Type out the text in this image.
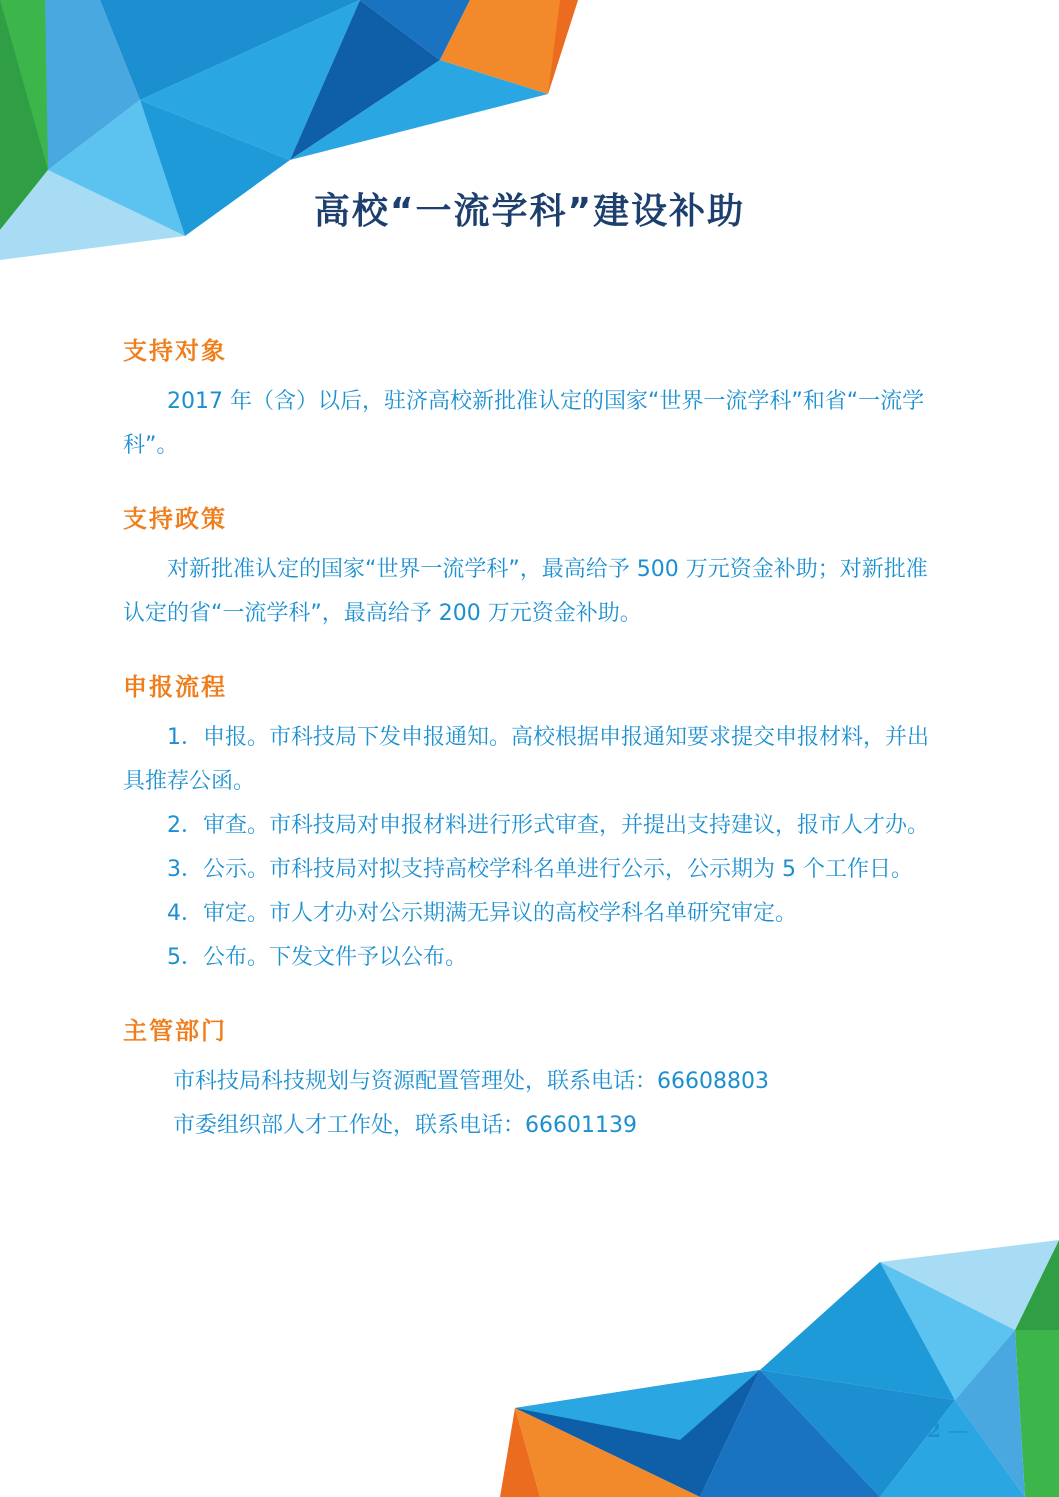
高校“一流学科”建设补助
支持对象

2017 年（含）以后，驻济高校新批准认定的国家“世界一流学科”和省“一流学科”。

支持政策

对新批准认定的国家“世界一流学科”，最高给予 500 万元资金补助；对新批准认定的省“一流学科”，最高给予 200 万元资金补助。

申报流程

1．申报。市科技局下发申报通知。高校根据申报通知要求提交申报材料，并出具推荐公函。

2．审查。市科技局对申报材料进行形式审查，并提出支持建议，报市人才办。

3．公示。市科技局对拟支持高校学科名单进行公示，公示期为 5 个工作日。

4．审定。市人才办对公示期满无异议的高校学科名单研究审定。

5．公布。下发文件予以公布。

主管部门

市科技局科技规划与资源配置管理处，联系电话：66608803

市委组织部人才工作处，联系电话：66601139

— 12 —
